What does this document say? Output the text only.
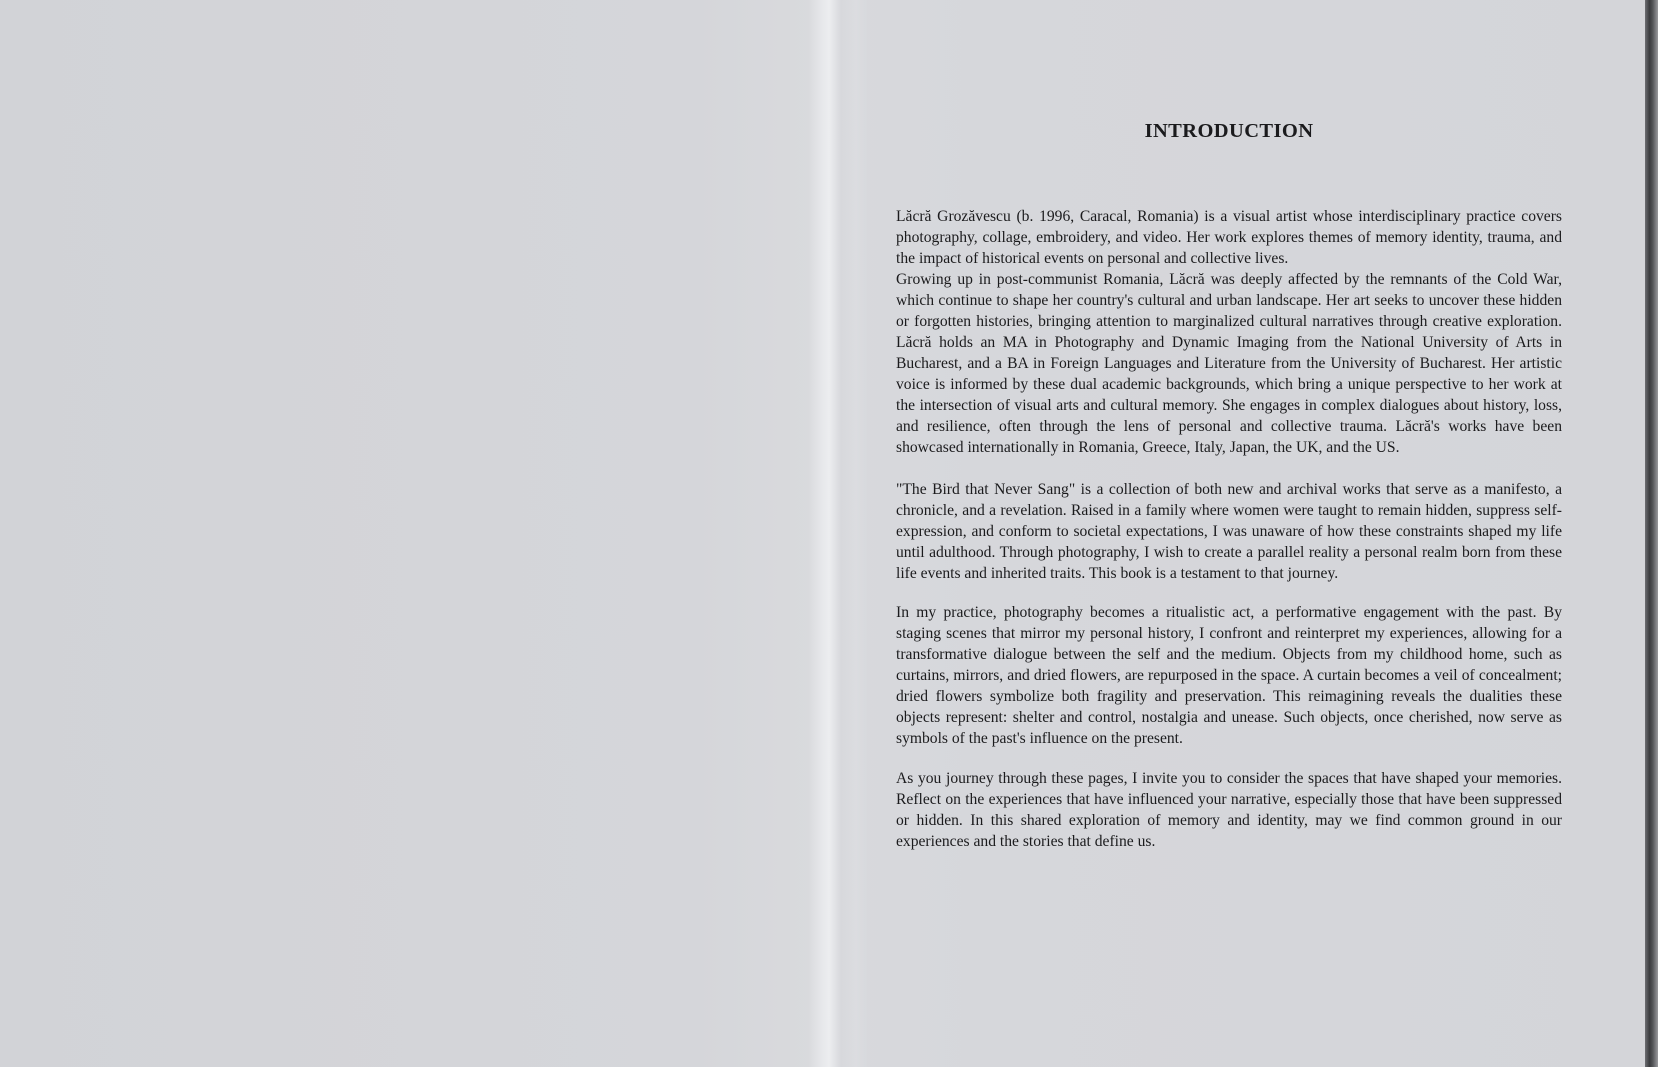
INTRODUCTION

Lăcră Grozăvescu (b. 1996, Caracal, Romania) is a visual artist whose interdisciplinary practice covers photography, collage, embroidery, and video. Her work explores themes of memory identity, trauma, and the impact of historical events on personal and collective lives.

Growing up in post-communist Romania, Lăcră was deeply affected by the remnants of the Cold War, which continue to shape her country's cultural and urban landscape. Her art seeks to uncover these hidden or forgotten histories, bringing attention to marginalized cultural narratives through creative exploration. Lăcră holds an MA in Photography and Dynamic Imaging from the National University of Arts in Bucharest, and a BA in Foreign Languages and Literature from the University of Bucharest. Her artistic voice is informed by these dual academic backgrounds, which bring a unique perspective to her work at the intersection of visual arts and cultural memory. She engages in complex dialogues about history, loss, and resilience, often through the lens of personal and collective trauma. Lăcră's works have been showcased internationally in Romania, Greece, Italy, Japan, the UK, and the US.

"The Bird that Never Sang" is a collection of both new and archival works that serve as a manifesto, a chronicle, and a revelation. Raised in a family where women were taught to remain hidden, suppress self-expression, and conform to societal expectations, I was unaware of how these constraints shaped my life until adulthood. Through photography, I wish to create a parallel reality a personal realm born from these life events and inherited traits. This book is a testament to that journey.

In my practice, photography becomes a ritualistic act, a performative engagement with the past. By staging scenes that mirror my personal history, I confront and reinterpret my experiences, allowing for a transformative dialogue between the self and the medium. Objects from my childhood home, such as curtains, mirrors, and dried flowers, are repurposed in the space. A curtain becomes a veil of concealment; dried flowers symbolize both fragility and preservation. This reimagining reveals the dualities these objects represent: shelter and control, nostalgia and unease. Such objects, once cherished, now serve as symbols of the past's influence on the present.

As you journey through these pages, I invite you to consider the spaces that have shaped your memories. Reflect on the experiences that have influenced your narrative, especially those that have been suppressed or hidden. In this shared exploration of memory and identity, may we find common ground in our experiences and the stories that define us.
